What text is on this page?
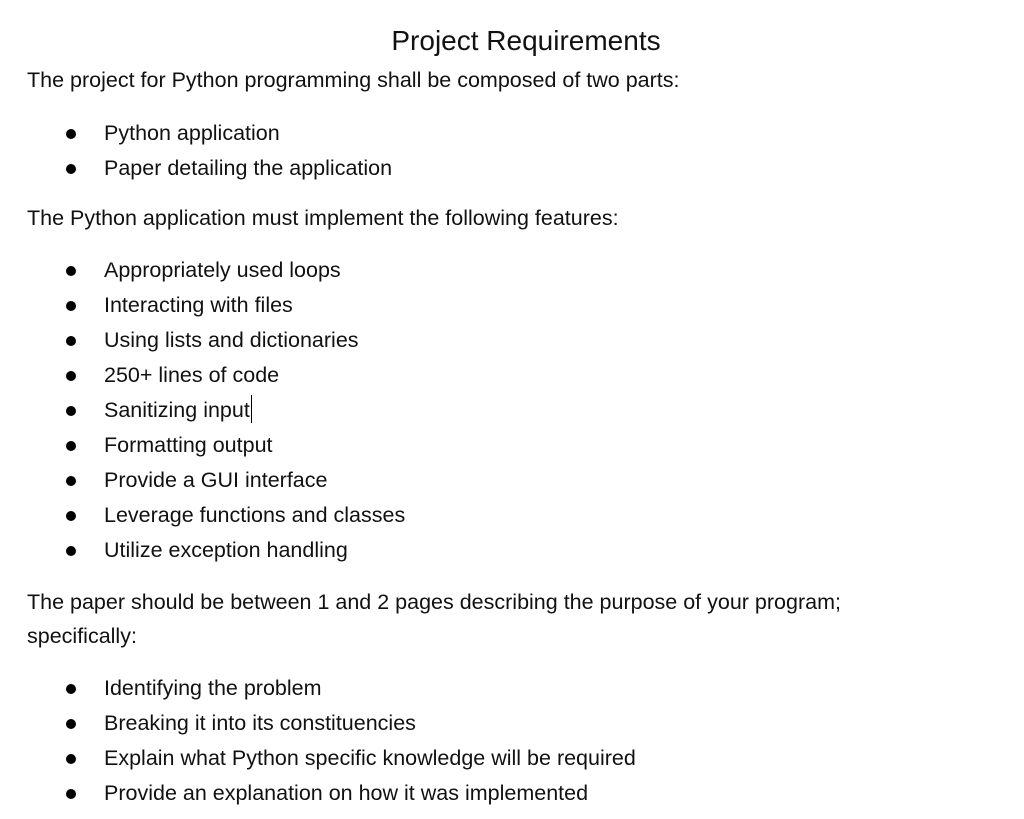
Project Requirements
The project for Python programming shall be composed of two parts:
Python application
Paper detailing the application
The Python application must implement the following features:
Appropriately used loops
Interacting with files
Using lists and dictionaries
250+ lines of code
Sanitizing input
Formatting output
Provide a GUI interface
Leverage functions and classes
Utilize exception handling
The paper should be between 1 and 2 pages describing the purpose of your program;
specifically:
Identifying the problem
Breaking it into its constituencies
Explain what Python specific knowledge will be required
Provide an explanation on how it was implemented
